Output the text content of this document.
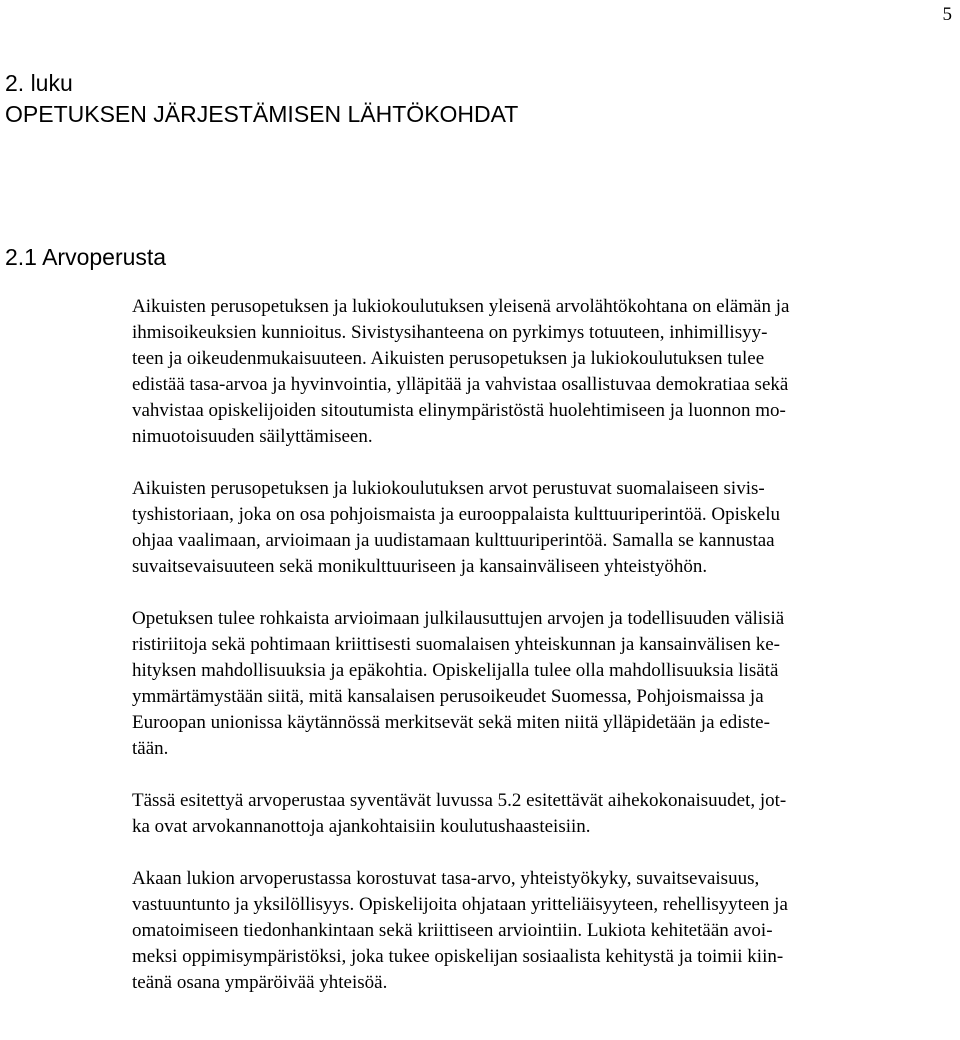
5
2. luku
OPETUKSEN JÄRJESTÄMISEN LÄHTÖKOHDAT
2.1 Arvoperusta

Aikuisten perusopetuksen ja lukiokoulutuksen yleisenä arvolähtökohtana on elämän ja
ihmisoikeuksien kunnioitus. Sivistysihanteena on pyrkimys totuuteen, inhimillisyy-
teen ja oikeudenmukaisuuteen. Aikuisten perusopetuksen ja lukiokoulutuksen tulee
edistää tasa-arvoa ja hyvinvointia, ylläpitää ja vahvistaa osallistuvaa demokratiaa sekä
vahvistaa opiskelijoiden sitoutumista elinympäristöstä huolehtimiseen ja luonnon mo-
nimuotoisuuden säilyttämiseen.

Aikuisten perusopetuksen ja lukiokoulutuksen arvot perustuvat suomalaiseen sivis-
tyshistoriaan, joka on osa pohjoismaista ja eurooppalaista kulttuuriperintöä. Opiskelu
ohjaa vaalimaan, arvioimaan ja uudistamaan kulttuuriperintöä. Samalla se kannustaa
suvaitsevaisuuteen sekä monikulttuuriseen ja kansainväliseen yhteistyöhön.

Opetuksen tulee rohkaista arvioimaan julkilausuttujen arvojen ja todellisuuden välisiä
ristiriitoja sekä pohtimaan kriittisesti suomalaisen yhteiskunnan ja kansainvälisen ke-
hityksen mahdollisuuksia ja epäkohtia. Opiskelijalla tulee olla mahdollisuuksia lisätä
ymmärtämystään siitä, mitä kansalaisen perusoikeudet Suomessa, Pohjoismaissa ja
Euroopan unionissa käytännössä merkitsevät sekä miten niitä ylläpidetään ja ediste-
tään.

Tässä esitettyä arvoperustaa syventävät luvussa 5.2 esitettävät aihekokonaisuudet, jot-
ka ovat arvokannanottoja ajankohtaisiin koulutushaasteisiin.

Akaan lukion arvoperustassa korostuvat tasa-arvo, yhteistyökyky, suvaitsevaisuus,
vastuuntunto ja yksilöllisyys. Opiskelijoita ohjataan yritteliäisyyteen, rehellisyyteen ja
omatoimiseen tiedonhankintaan sekä kriittiseen arviointiin. Lukiota kehitetään avoi-
meksi oppimisympäristöksi, joka tukee opiskelijan sosiaalista kehitystä ja toimii kiin-
teänä osana ympäröivää yhteisöä.
